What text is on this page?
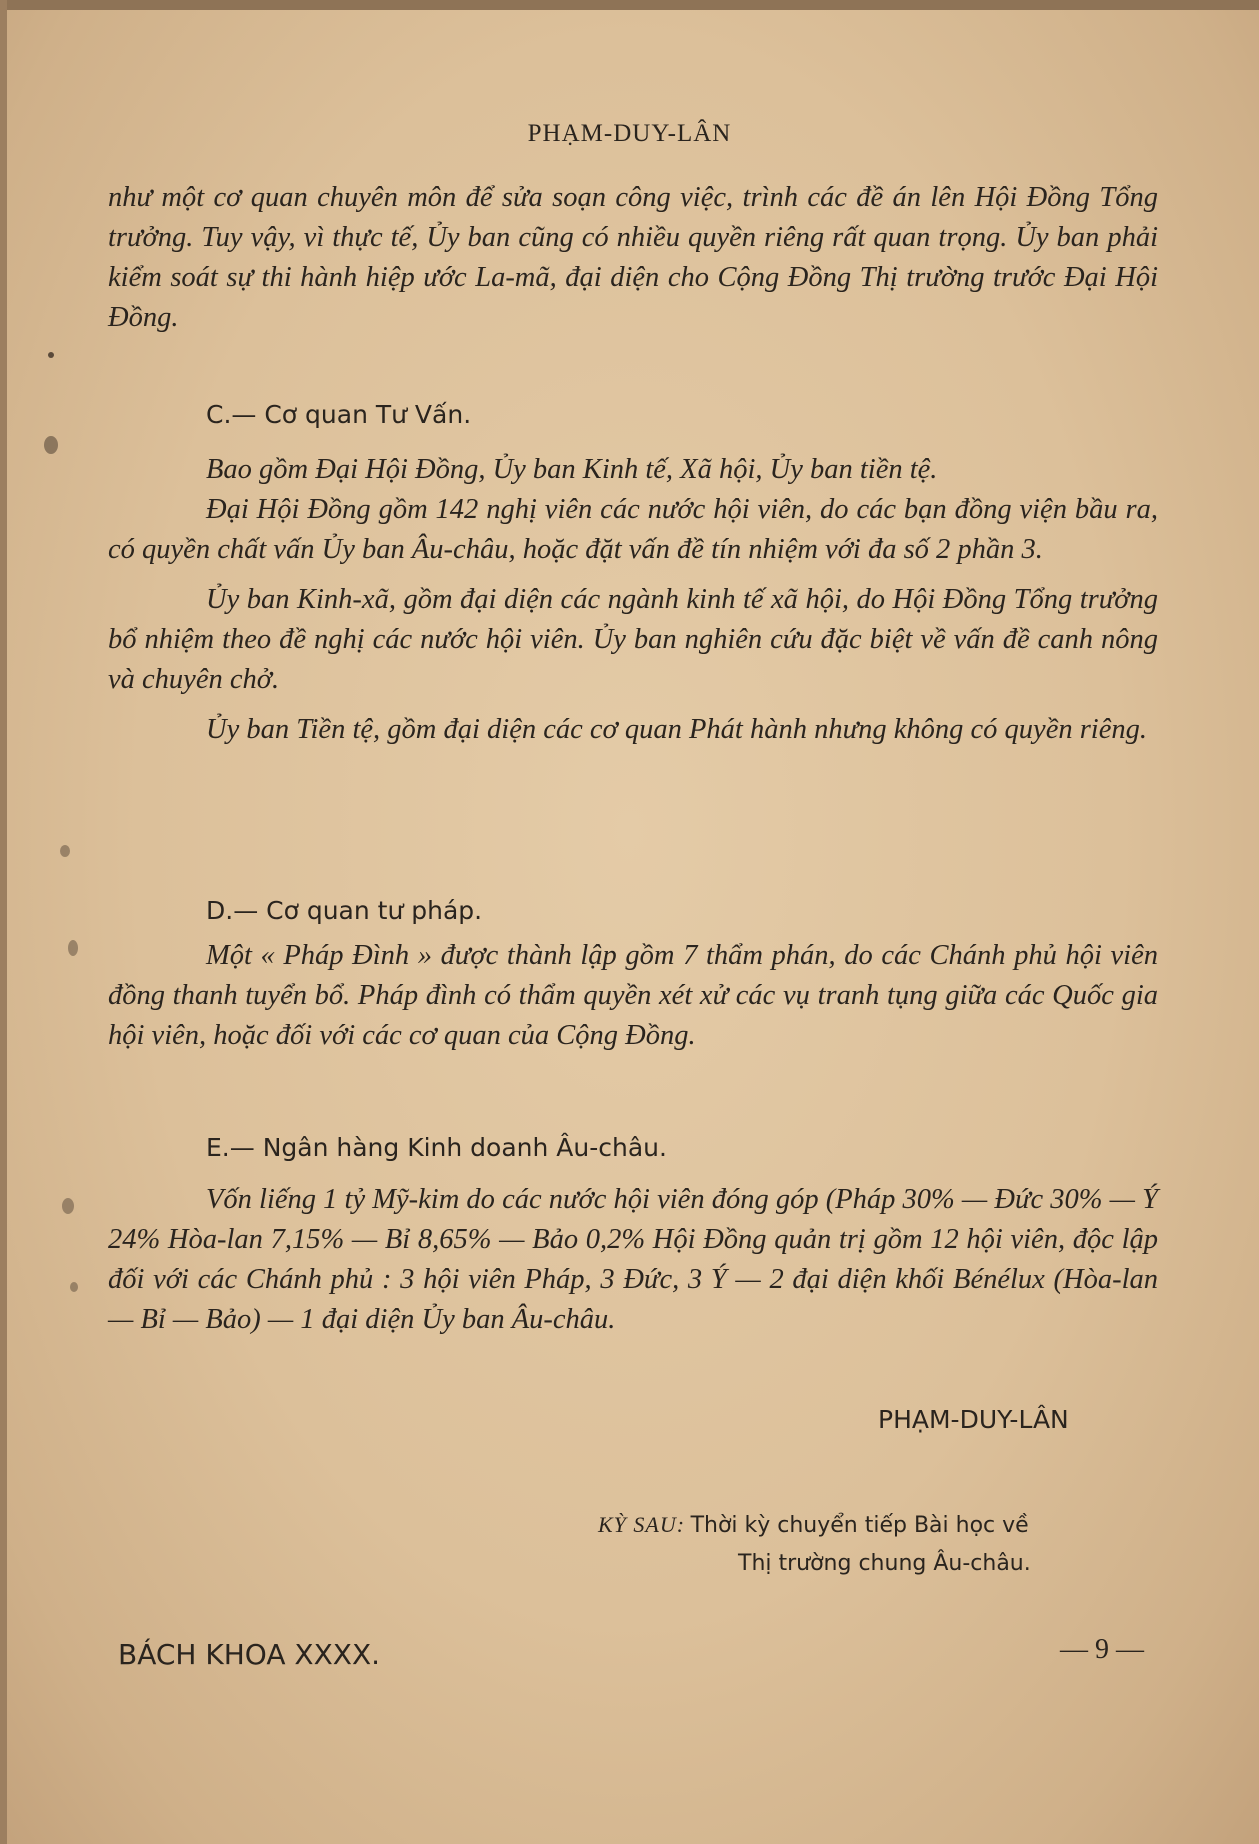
PHẠM-DUY-LÂN

như một cơ quan chuyên môn để sửa soạn công việc, trình các đề án lên Hội Đồng Tổng trưởng. Tuy vậy, vì thực tế, Ủy ban cũng có nhiều quyền riêng rất quan trọng. Ủy ban phải kiểm soát sự thi hành hiệp ước La-mã, đại diện cho Cộng Đồng Thị trường trước Đại Hội Đồng.

C.— Cơ quan Tư Vấn.

Bao gồm Đại Hội Đồng, Ủy ban Kinh tế, Xã hội, Ủy ban tiền tệ.

Đại Hội Đồng gồm 142 nghị viên các nước hội viên, do các bạn đồng viện bầu ra, có quyền chất vấn Ủy ban Âu-châu, hoặc đặt vấn đề tín nhiệm với đa số 2 phần 3.

Ủy ban Kinh-xã, gồm đại diện các ngành kinh tế xã hội, do Hội Đồng Tổng trưởng bổ nhiệm theo đề nghị các nước hội viên. Ủy ban nghiên cứu đặc biệt về vấn đề canh nông và chuyên chở.

Ủy ban Tiền tệ, gồm đại diện các cơ quan Phát hành nhưng không có quyền riêng.

D.— Cơ quan tư pháp.

Một « Pháp Đình » được thành lập gồm 7 thẩm phán, do các Chánh phủ hội viên đồng thanh tuyển bổ. Pháp đình có thẩm quyền xét xử các vụ tranh tụng giữa các Quốc gia hội viên, hoặc đối với các cơ quan của Cộng Đồng.

E.— Ngân hàng Kinh doanh Âu-châu.

Vốn liếng 1 tỷ Mỹ-kim do các nước hội viên đóng góp (Pháp 30% — Đức 30% — Ý 24% Hòa-lan 7,15% — Bỉ 8,65% — Bảo 0,2% Hội Đồng quản trị gồm 12 hội viên, độc lập đối với các Chánh phủ : 3 hội viên Pháp, 3 Đức, 3 Ý — 2 đại diện khối Bénélux (Hòa-lan — Bỉ — Bảo) — 1 đại diện Ủy ban Âu-châu.

PHẠM-DUY-LÂN
KỲ SAU: Thời kỳ chuyển tiếp Bài học về
Thị trường chung Âu-châu.
BÁCH KHOA XXXX.	— 9 —
